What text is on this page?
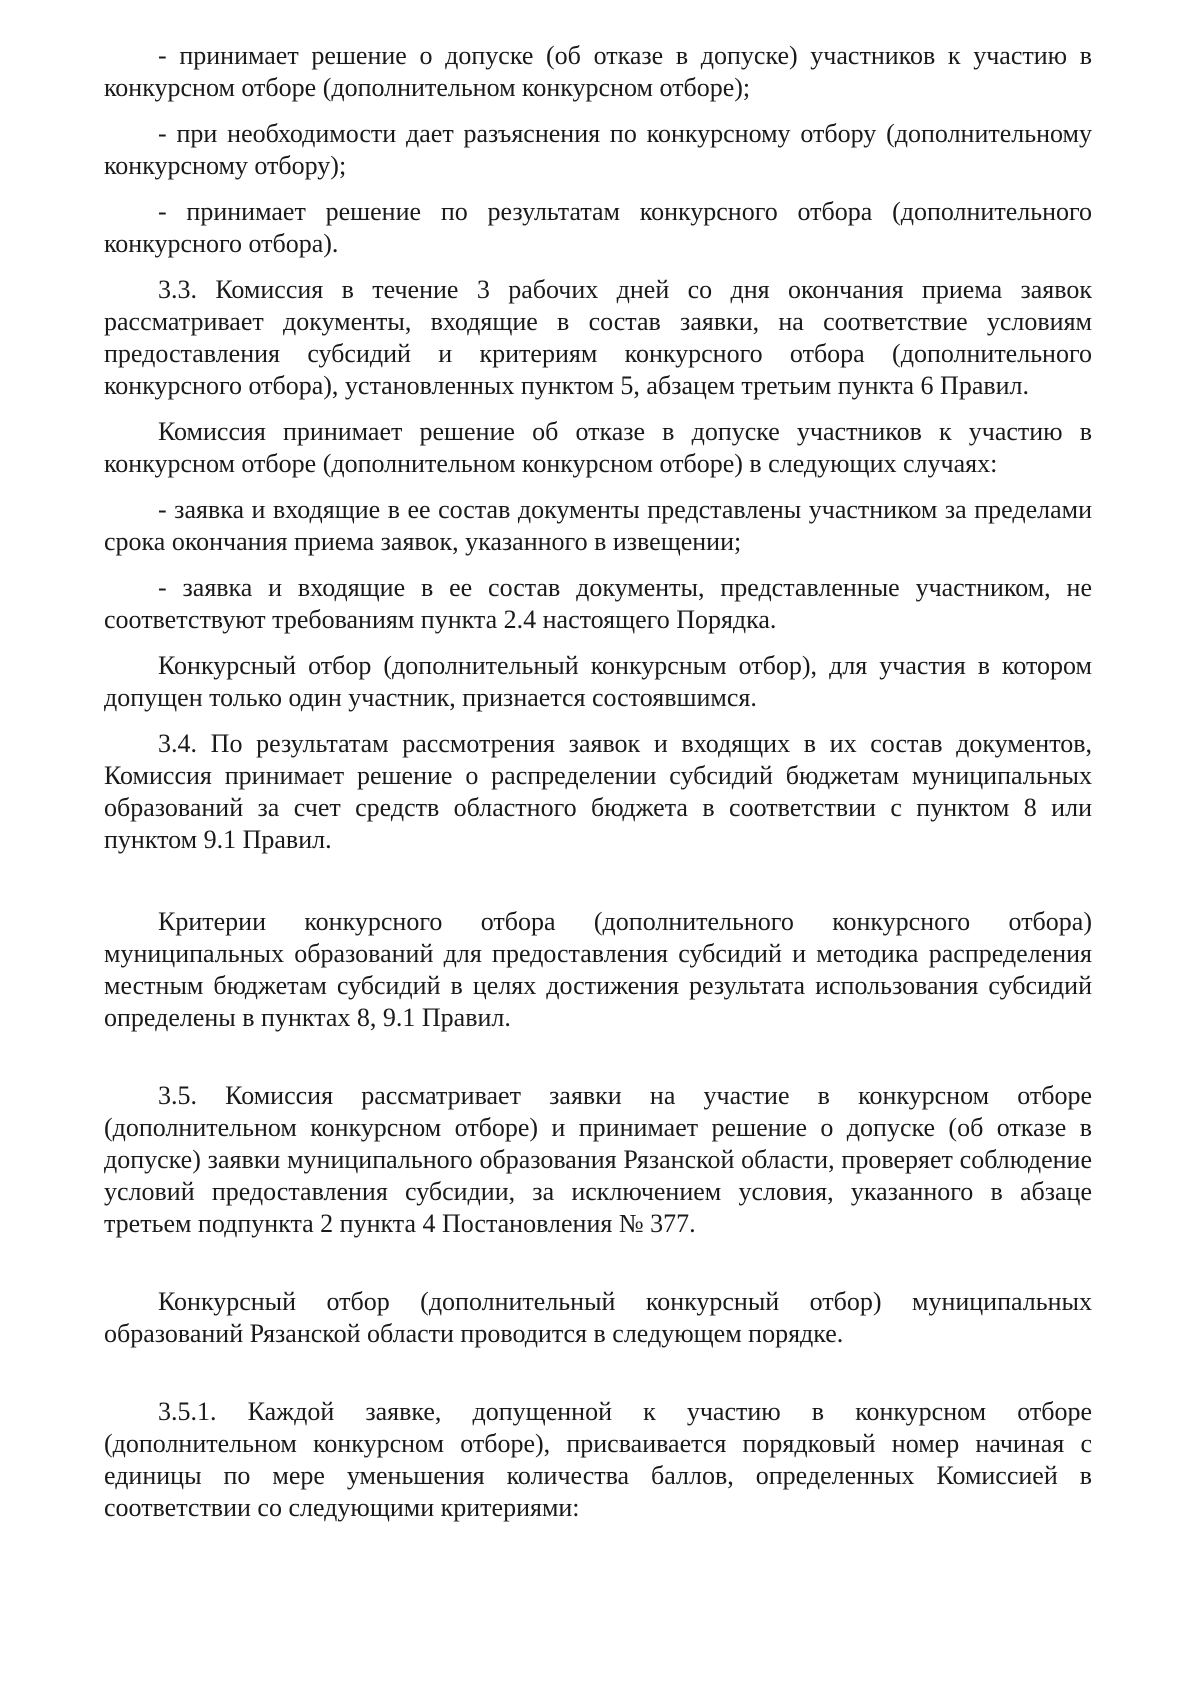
- принимает решение о допуске (об отказе в допуске) участников к участию в конкурсном отборе (дополнительном конкурсном отборе);

- при необходимости дает разъяснения по конкурсному отбору (дополнительному конкурсному отбору);

- принимает решение по результатам конкурсного отбора (дополнительного конкурсного отбора).

3.3. Комиссия в течение 3 рабочих дней со дня окончания приема заявок рассматривает документы, входящие в состав заявки, на соответствие условиям предоставления субсидий и критериям конкурсного отбора (дополнительного конкурсного отбора), установленных пунктом 5, абзацем третьим пункта 6 Правил.

Комиссия принимает решение об отказе в допуске участников к участию в конкурсном отборе (дополнительном конкурсном отборе) в следующих случаях:

- заявка и входящие в ее состав документы представлены участником за пределами срока окончания приема заявок, указанного в извещении;

- заявка и входящие в ее состав документы, представленные участником, не соответствуют требованиям пункта 2.4 настоящего Порядка.

Конкурсный отбор (дополнительный конкурсным отбор), для участия в котором допущен только один участник, признается состоявшимся.

3.4. По результатам рассмотрения заявок и входящих в их состав документов, Комиссия принимает решение о распределении субсидий бюджетам муниципальных образований за счет средств областного бюджета в соответствии с пунктом 8 или пунктом 9.1 Правил.

Критерии конкурсного отбора (дополнительного конкурсного отбора) муниципальных образований для предоставления субсидий и методика распределения местным бюджетам субсидий в целях достижения результата использования субсидий определены в пунктах 8, 9.1 Правил.

3.5. Комиссия рассматривает заявки на участие в конкурсном отборе (дополнительном конкурсном отборе) и принимает решение о допуске (об отказе в допуске) заявки муниципального образования Рязанской области, проверяет соблюдение условий предоставления субсидии, за исключением условия, указанного в абзаце третьем подпункта 2 пункта 4 Постановления № 377.

Конкурсный отбор (дополнительный конкурсный отбор) муниципальных образований Рязанской области проводится в следующем порядке.

3.5.1. Каждой заявке, допущенной к участию в конкурсном отборе (дополнительном конкурсном отборе), присваивается порядковый номер начиная с единицы по мере уменьшения количества баллов, определенных Комиссией в соответствии со следующими критериями:
